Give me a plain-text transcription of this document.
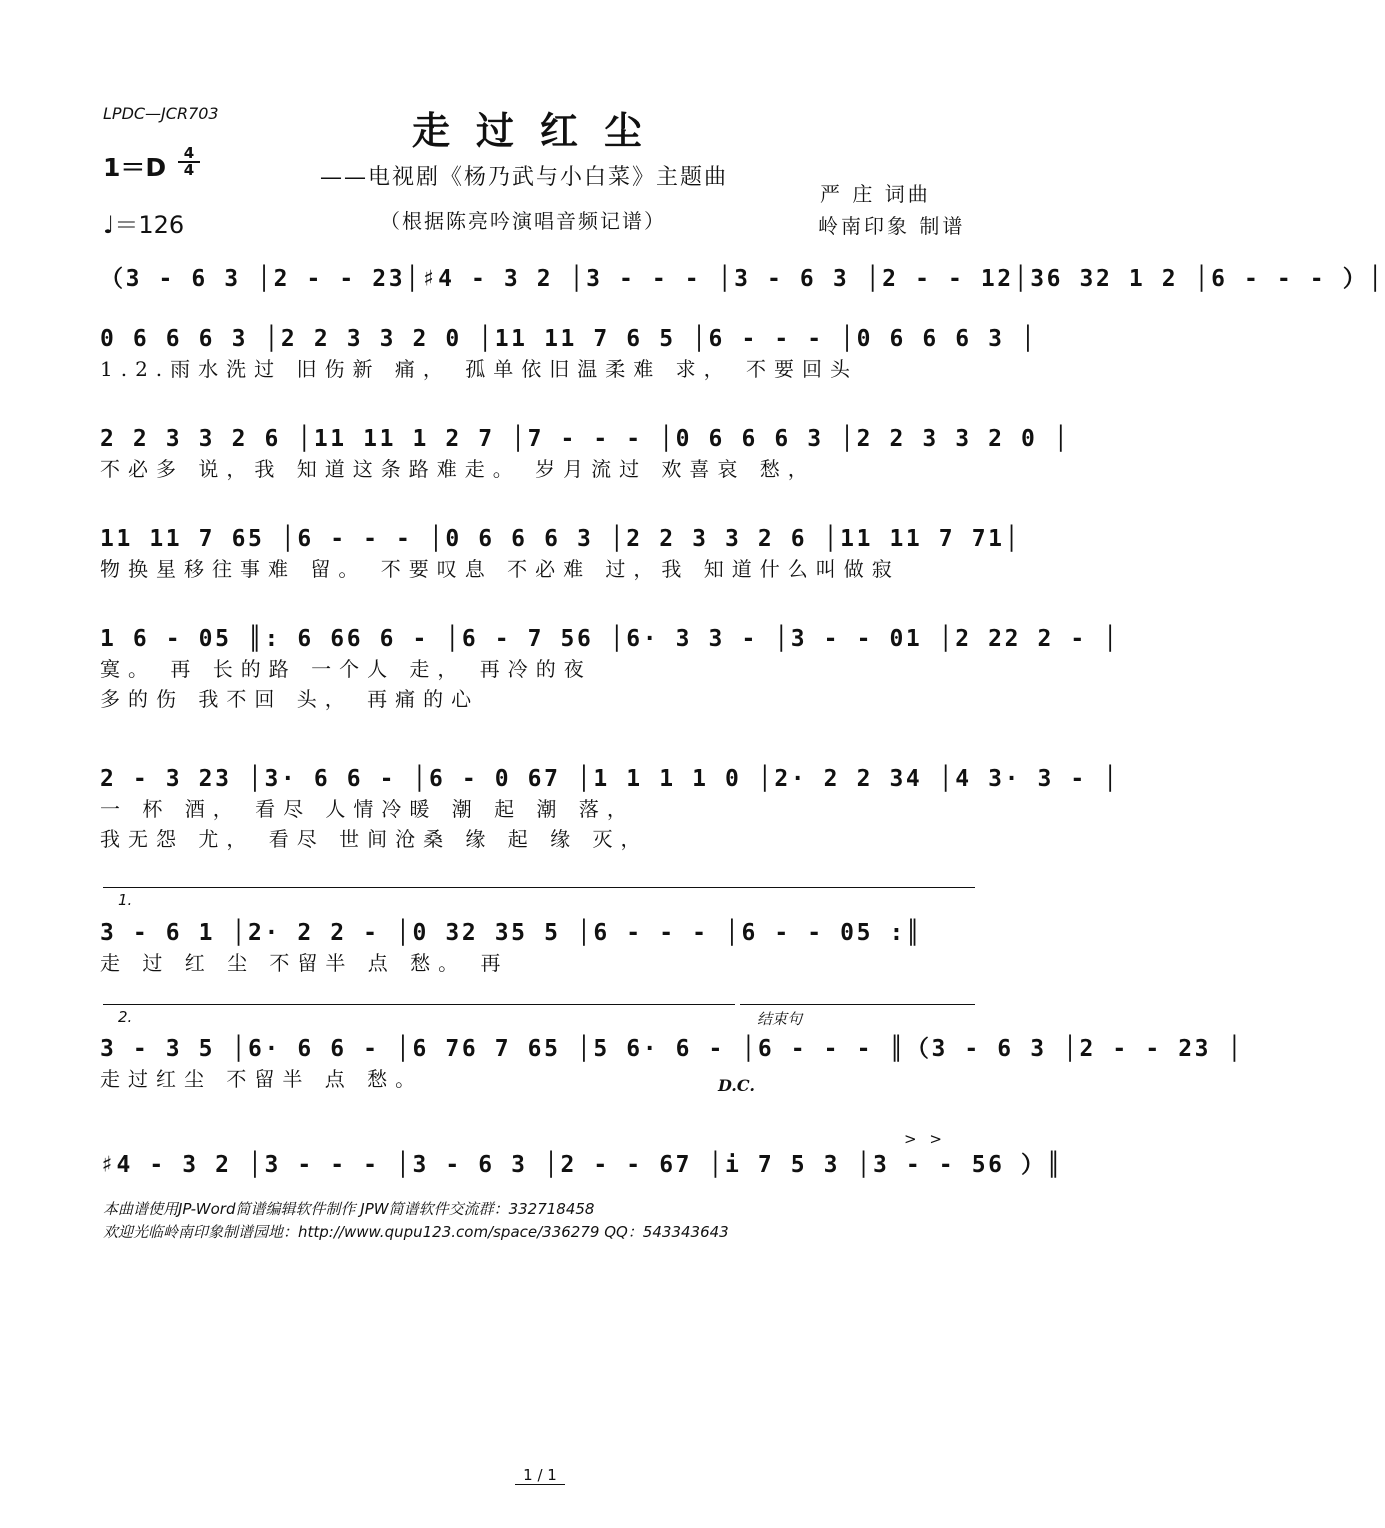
LPDC—JCR703	走过红尘
1＝D	4
4
♩＝126
——电视剧《杨乃武与小白菜》主题曲
（根据陈亮吟演唱音频记谱）
严 庄 词曲
岭南印象 制谱
（3 - 6 3 │2 - - 23│♯4 - 3 2 │3 - - - │3 - 6 3 │2 - - 12│36 32 1 2 │6 - - - ）│
0 6 6 6 3 │2 2 3 3 2 0 │11 11 7 6 5 │6 - - - │0 6 6 6 3 │
1.2.雨水洗过 旧伤新 痛， 孤单依旧温柔难 求， 不要回头
2 2 3 3 2 6 │11 11 1 2 7 │7 - - - │0 6 6 6 3 │2 2 3 3 2 0 │
不必多 说，我 知道这条路难走。 岁月流过 欢喜哀 愁，
11 11 7 65 │6 - - - │0 6 6 6 3 │2 2 3 3 2 6 │11 11 7 71│
物换星移往事难 留。 不要叹息 不必难 过，我 知道什么叫做寂
1 6 - 05 ║: 6 66 6 - │6 - 7 56 │6· 3 3 - │3 - - 01 │2 22 2 - │
寞。 再 长的路 一个人 走， 再冷的夜
多的伤 我不回 头， 再痛的心
2 - 3 23 │3· 6 6 - │6 - 0 67 │1 1 1 1 0 │2· 2 2 34 │4 3· 3 - │
一 杯 酒， 看尽 人情冷暖 潮 起 潮 落，
我无怨 尤， 看尽 世间沧桑 缘 起 缘 灭，
1.
3 - 6 1 │2· 2 2 - │0 32 35 5 │6 - - - │6 - - 05 :║
走 过 红 尘 不留半 点 愁。 再
2.	结束句
3 - 3 5 │6· 6 6 - │6 76 7 65 │5 6· 6 - │6 - - - ║（3 - 6 3 │2 - - 23 │
走过红尘 不留半 点 愁。	D.C.
> >
♯4 - 3 2 │3 - - - │3 - 6 3 │2 - - 67 │i 7 5 3 │3 - - 56 ）║
本曲谱使用JP-Word简谱编辑软件制作 JPW简谱软件交流群：332718458
欢迎光临岭南印象制谱园地：http://www.qupu123.com/space/336279 QQ：543343643
1 / 1
